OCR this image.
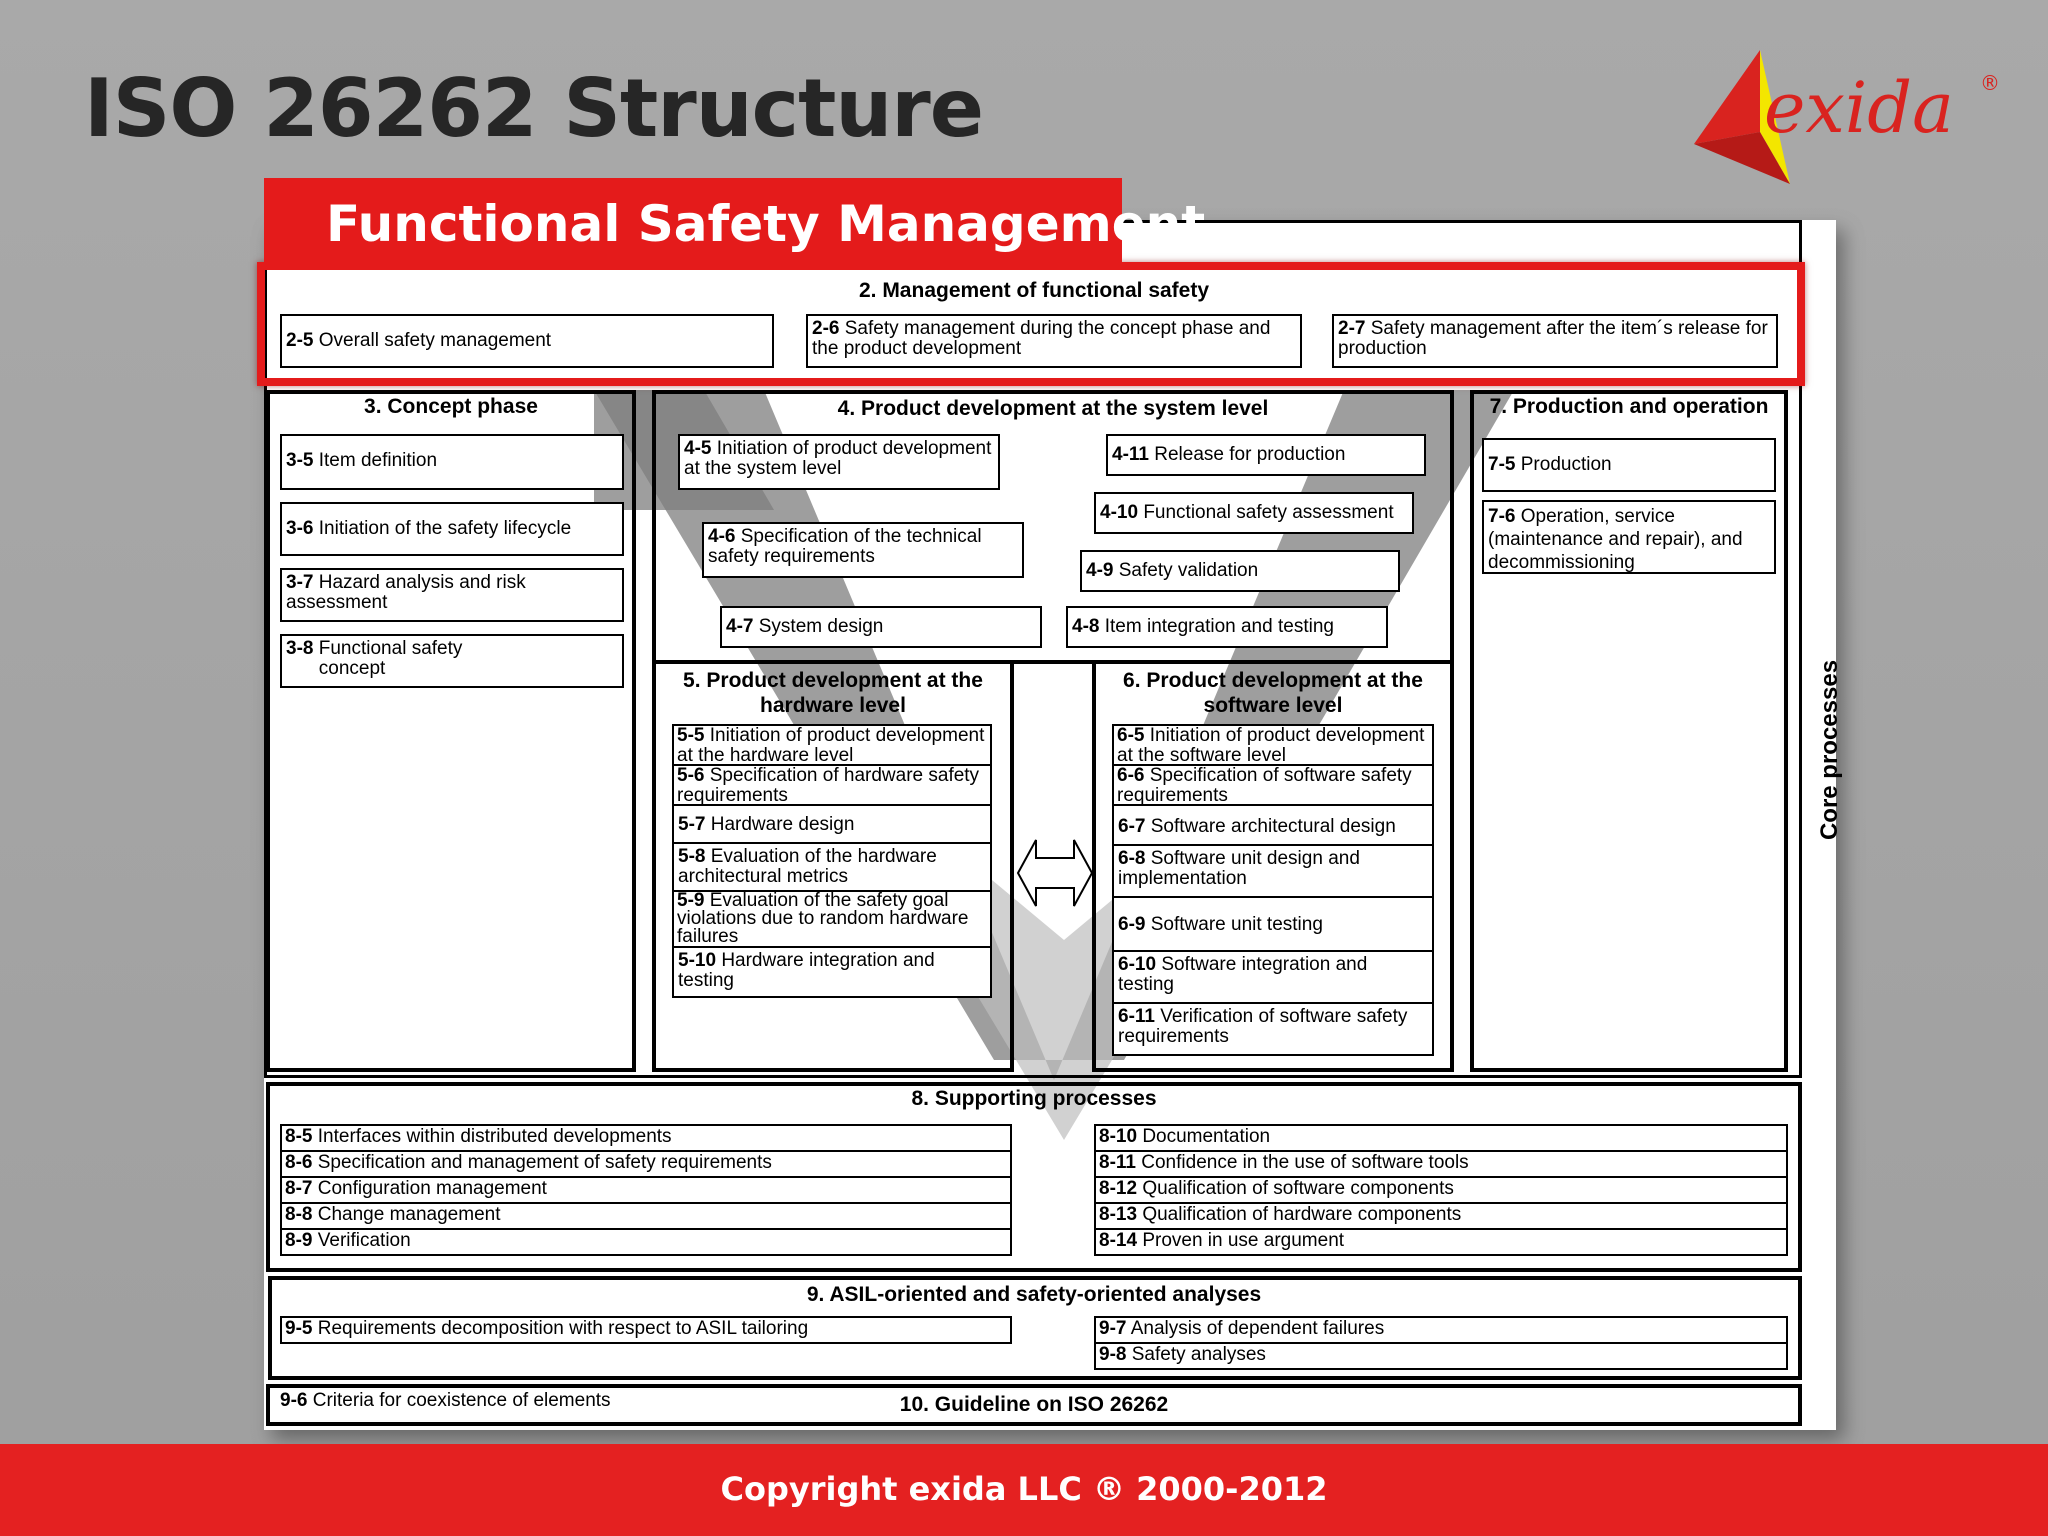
ISO 26262 Structure	exida ®
2. Management of functional safety
2-5 Overall safety management
2-6 Safety management during the concept phase and the product development
2-7 Safety management after the item´s release for production
3. Concept phase
3-5 Item definition
3-6 Initiation of the safety lifecycle
3-7 Hazard analysis and risk assessment
3-8 Functional safety concept
4. Product development at the system level
4-5 Initiation of product development at the system level
4-11 Release for production
4-10 Functional safety assessment
4-6 Specification of the technical safety requirements
4-9 Safety validation
4-7 System design	4-8 Item integration and testing
5. Product development at the hardware level
5-5 Initiation of product development at the hardware level
5-6 Specification of hardware safety requirements
5-7 Hardware design
5-8 Evaluation of the hardware architectural metrics
5-9 Evaluation of the safety goal violations due to random hardware failures
5-10 Hardware integration and testing
6. Product development at the software level
6-5 Initiation of product development at the software level
6-6 Specification of software safety requirements
6-7 Software architectural design
6-8 Software unit design and implementation
6-9 Software unit testing
6-10 Software integration and testing
6-11 Verification of software safety requirements
7. Production and operation
7-5 Production
7-6 Operation, service (maintenance and repair), and decommissioning
Core processes
8. Supporting processes
8-5 Interfaces within distributed developments
8-6 Specification and management of safety requirements
8-7 Configuration management
8-8 Change management
8-9 Verification
8-10 Documentation
8-11 Confidence in the use of software tools
8-12 Qualification of software components
8-13 Qualification of hardware components
8-14 Proven in use argument
9. ASIL-oriented and safety-oriented analyses
9-5 Requirements decomposition with respect to ASIL tailoring	9-7 Analysis of dependent failures
9-8 Safety analyses
9-6 Criteria for coexistence of elements	10. Guideline on ISO 26262
Functional Safety Management
Copyright exida LLC ® 2000-2012
